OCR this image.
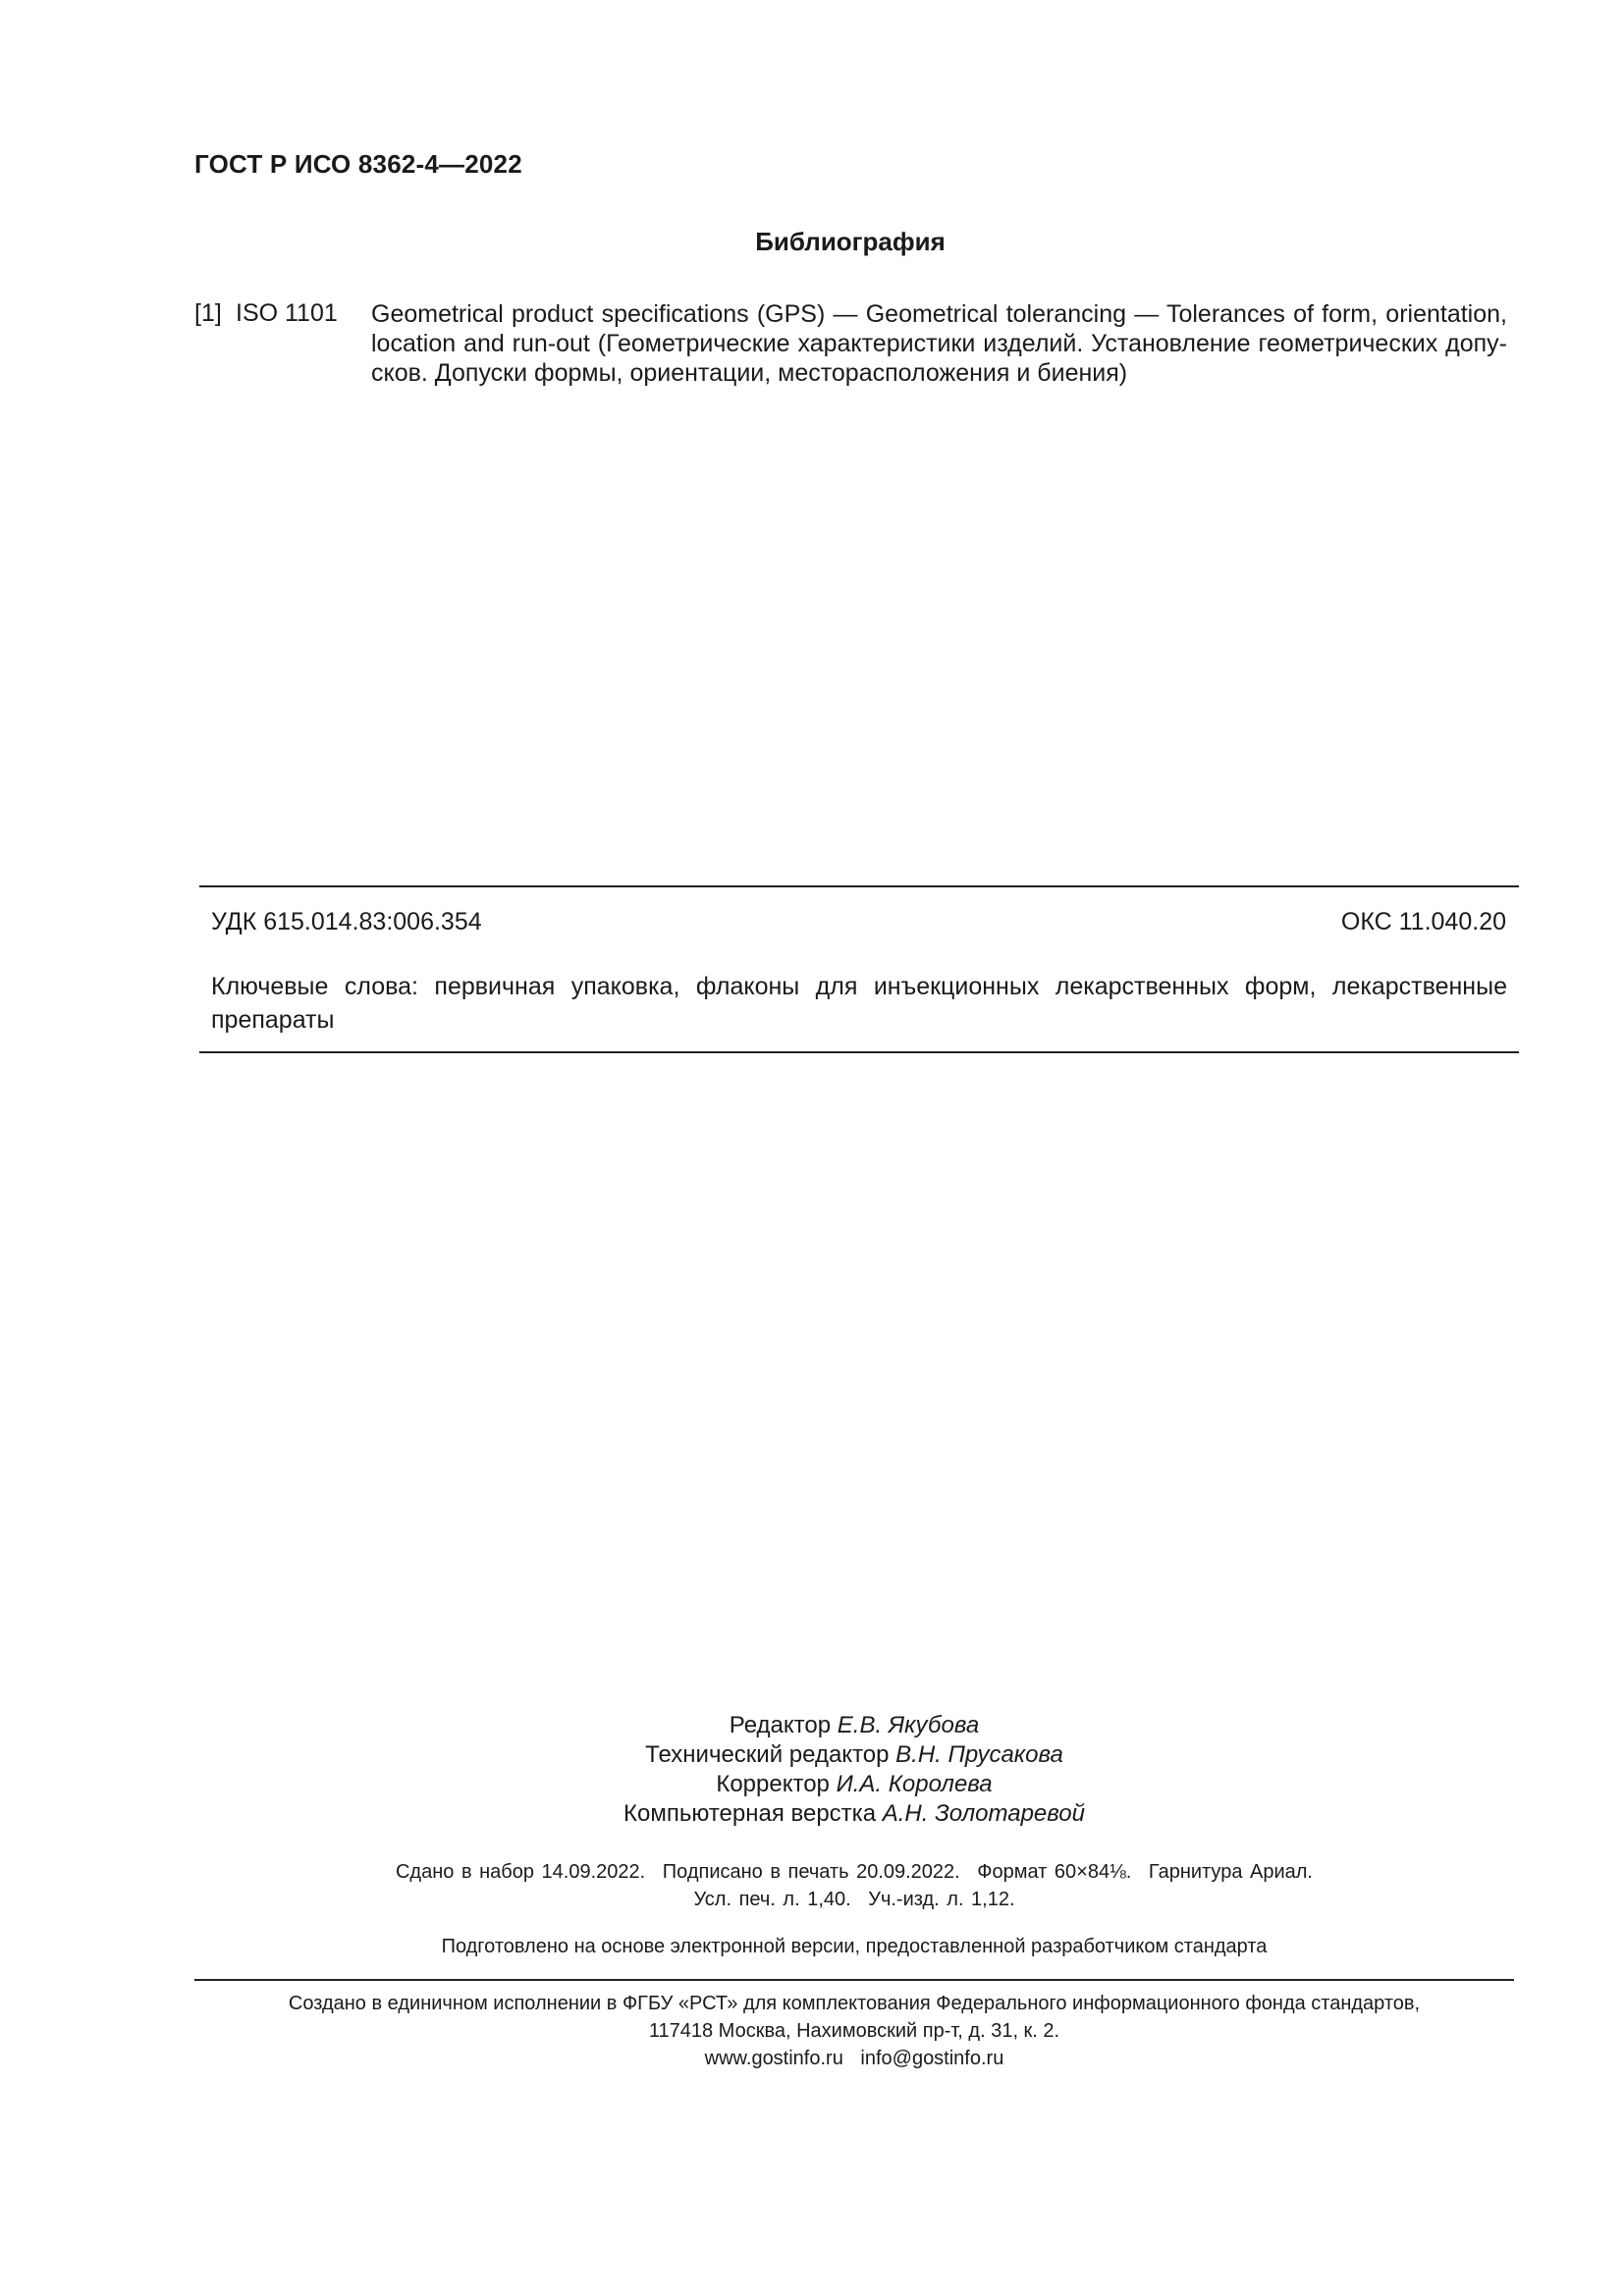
ГОСТ Р ИСО 8362-4—2022
Библиография
[1] ISO 1101 Geometrical product specifications (GPS) — Geometrical tolerancing — Tolerances of form, orientation, location and run-out (Геометрические характеристики изделий. Установление геометрических допусков. Допуски формы, ориентации, месторасположения и биения)
УДК 615.014.83:006.354	ОКС 11.040.20
Ключевые слова: первичная упаковка, флаконы для инъекционных лекарственных форм, лекарственные препараты
Редактор Е.В. Якубова
Технический редактор В.Н. Прусакова
Корректор И.А. Королева
Компьютерная верстка А.Н. Золотаревой
Сдано в набор 14.09.2022. Подписано в печать 20.09.2022. Формат 60×84⅛. Гарнитура Ариал.
Усл. печ. л. 1,40. Уч.-изд. л. 1,12.
Подготовлено на основе электронной версии, предоставленной разработчиком стандарта
Создано в единичном исполнении в ФГБУ «РСТ» для комплектования Федерального информационного фонда стандартов,
117418 Москва, Нахимовский пр-т, д. 31, к. 2.
www.gostinfo.ru info@gostinfo.ru
